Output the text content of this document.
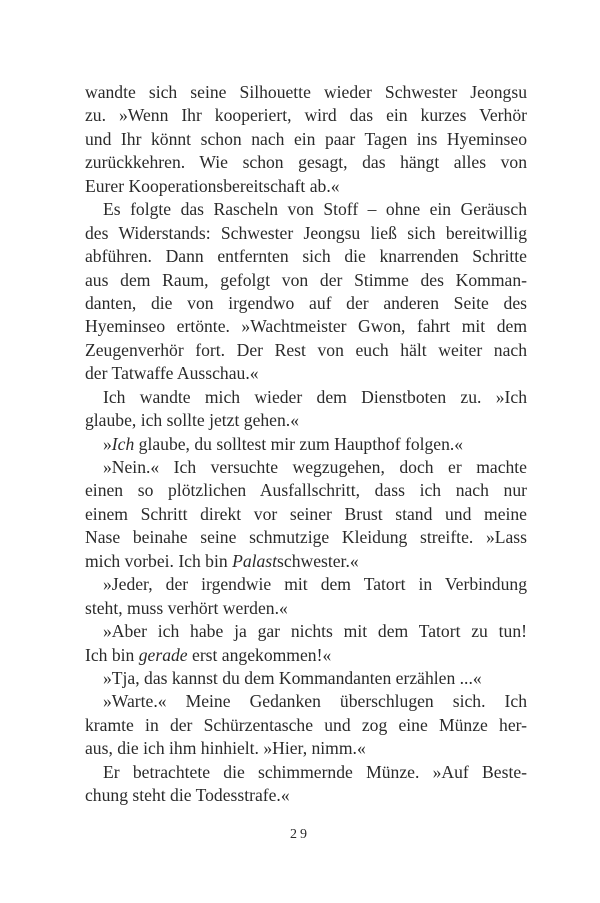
wandte sich seine Silhouette wieder Schwester Jeongsu
zu. »Wenn Ihr kooperiert, wird das ein kurzes Verhör
und Ihr könnt schon nach ein paar Tagen ins Hyeminseo
zurückkehren. Wie schon gesagt, das hängt alles von
Eurer Kooperationsbereitschaft ab.«
Es folgte das Rascheln von Stoff – ohne ein Geräusch
des Widerstands: Schwester Jeongsu ließ sich bereitwillig
abführen. Dann entfernten sich die knarrenden Schritte
aus dem Raum, gefolgt von der Stimme des Komman-
danten, die von irgendwo auf der anderen Seite des
Hyeminseo ertönte. »Wachtmeister Gwon, fahrt mit dem
Zeugenverhör fort. Der Rest von euch hält weiter nach
der Tatwaffe Ausschau.«
Ich wandte mich wieder dem Dienstboten zu. »Ich
glaube, ich sollte jetzt gehen.«
»Ich glaube, du solltest mir zum Haupthof folgen.«
»Nein.« Ich versuchte wegzugehen, doch er machte
einen so plötzlichen Ausfallschritt, dass ich nach nur
einem Schritt direkt vor seiner Brust stand und meine
Nase beinahe seine schmutzige Kleidung streifte. »Lass
mich vorbei. Ich bin Palastschwester.«
»Jeder, der irgendwie mit dem Tatort in Verbindung
steht, muss verhört werden.«
»Aber ich habe ja gar nichts mit dem Tatort zu tun!
Ich bin gerade erst angekommen!«
»Tja, das kannst du dem Kommandanten erzählen ...«
»Warte.« Meine Gedanken überschlugen sich. Ich
kramte in der Schürzentasche und zog eine Münze her-
aus, die ich ihm hinhielt. »Hier, nimm.«
Er betrachtete die schimmernde Münze. »Auf Beste-
chung steht die Todesstrafe.«
29
